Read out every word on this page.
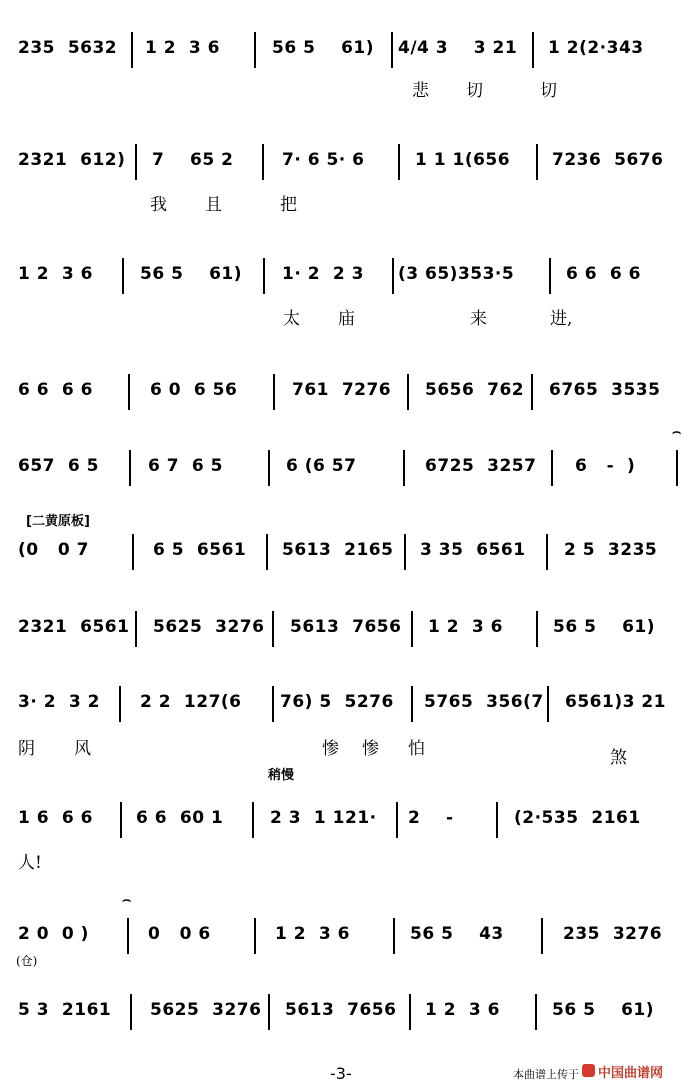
235  5632 1 2  3 6	56 5    61) 4/4 3    3 21 1 2(2·343
悲 切	切
2321  612) 7    65 2	7· 6 5· 6	1 1 1(656 7236  5676
我 且	把
1 2  3 6	56 5    61) 1· 2  2 3 (3 65)353·5	6 6  6 6
太 庙	来	进,
6 6  6 6	6 0  6 56	761  7276 5656  762 6765  3535
657  6 5	6 7  6 5	6 (6 57	6725  3257 6   -  )
⌢
[二黄原板]
(0   0 7	6 5  6561 5613  2165 3 35  6561 2 5  3235
2321  6561 5625  3276 5613  7656 1 2  3 6	56 5    61)
3· 2  3 2 2 2  127(6 76) 5  5276 5765  356(7 6561)3 21
阴 风	惨 惨 怕	煞
稍慢
1 6  6 6	6 6  60 1	2 3  1 121· 2    -	(2·535  2161
人!
2 0  0 )	0   0 6	1 2  3 6	56 5    43	235  3276
⌢
(仓)
5 3  2161 5625  3276 5613  7656 1 2  3 6	56 5    61)
-3-	本曲谱上传于 中国曲谱网
